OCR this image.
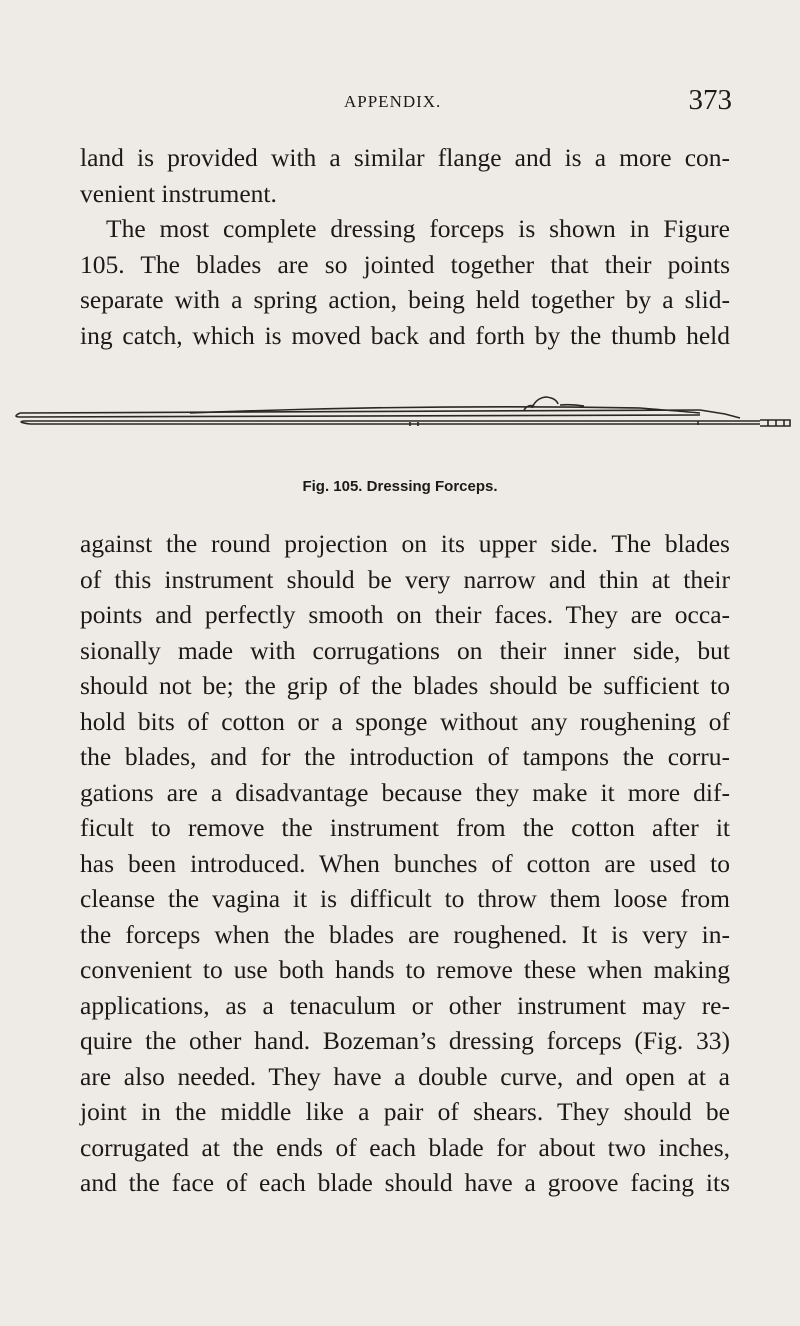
APPENDIX.	373
land is provided with a similar flange and is a more con-
venient instrument.
The most complete dressing forceps is shown in Figure
105. The blades are so jointed together that their points
separate with a spring action, being held together by a slid-
ing catch, which is moved back and forth by the thumb held
Fig. 105. Dressing Forceps.
against the round projection on its upper side. The blades
of this instrument should be very narrow and thin at their
points and perfectly smooth on their faces. They are occa-
sionally made with corrugations on their inner side, but
should not be; the grip of the blades should be sufficient to
hold bits of cotton or a sponge without any roughening of
the blades, and for the introduction of tampons the corru-
gations are a disadvantage because they make it more dif-
ficult to remove the instrument from the cotton after it
has been introduced. When bunches of cotton are used to
cleanse the vagina it is difficult to throw them loose from
the forceps when the blades are roughened. It is very in-
convenient to use both hands to remove these when making
applications, as a tenaculum or other instrument may re-
quire the other hand. Bozeman’s dressing forceps (Fig. 33)
are also needed. They have a double curve, and open at a
joint in the middle like a pair of shears. They should be
corrugated at the ends of each blade for about two inches,
and the face of each blade should have a groove facing its
